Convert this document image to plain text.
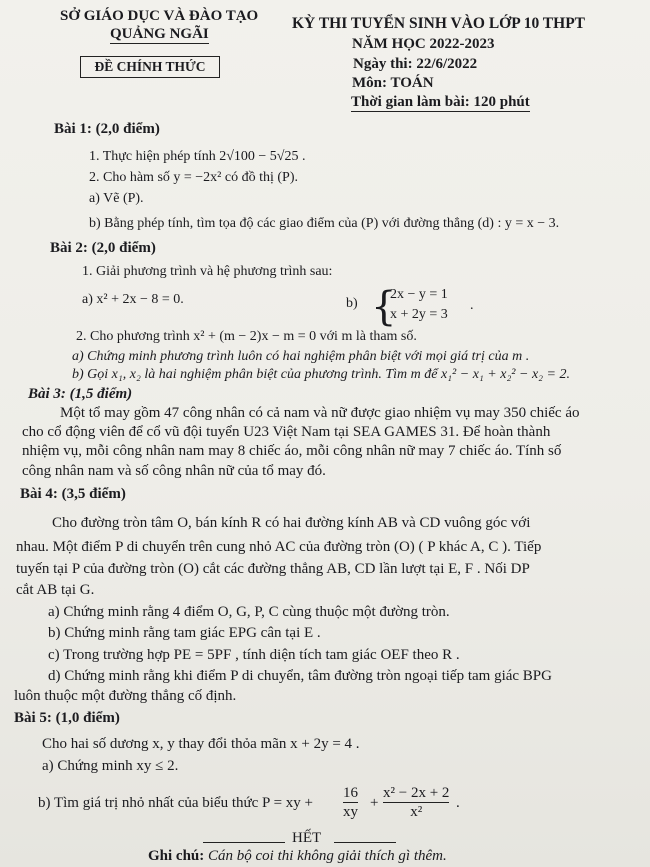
SỞ GIÁO DỤC VÀ ĐÀO TẠO
QUẢNG NGÃI
ĐỀ CHÍNH THỨC
KỲ THI TUYỂN SINH VÀO LỚP 10 THPT
NĂM HỌC 2022-2023
Ngày thi: 22/6/2022
Môn: TOÁN
Thời gian làm bài: 120 phút
Bài 1: (2,0 điểm)
1. Thực hiện phép tính 2√100 − 5√25 .
2. Cho hàm số y = −2x² có đồ thị (P).
a) Vẽ (P).
b) Bằng phép tính, tìm tọa độ các giao điểm của (P) với đường thẳng (d) : y = x − 3.
Bài 2: (2,0 điểm)
1. Giải phương trình và hệ phương trình sau:
a) x² + 2x − 8 = 0.	b) {
2x − y = 1
x + 2y = 3
.
2. Cho phương trình x² + (m − 2)x − m = 0 với m là tham số.
a) Chứng minh phương trình luôn có hai nghiệm phân biệt với mọi giá trị của m .
b) Gọi x₁, x₂ là hai nghiệm phân biệt của phương trình. Tìm m để x₁² − x₁ + x₂² − x₂ = 2.
Bài 3: (1,5 điểm)
Một tổ may gồm 47 công nhân có cả nam và nữ được giao nhiệm vụ may 350 chiếc áo
cho cổ động viên để cổ vũ đội tuyển U23 Việt Nam tại SEA GAMES 31. Để hoàn thành
nhiệm vụ, mỗi công nhân nam may 8 chiếc áo, mỗi công nhân nữ may 7 chiếc áo. Tính số
công nhân nam và số công nhân nữ của tổ may đó.
Bài 4: (3,5 điểm)
Cho đường tròn tâm O, bán kính R có hai đường kính AB và CD vuông góc với
nhau. Một điểm P di chuyển trên cung nhỏ AC của đường tròn (O) ( P khác A, C ). Tiếp
tuyến tại P của đường tròn (O) cắt các đường thẳng AB, CD lần lượt tại E, F . Nối DP
cắt AB tại G.
a) Chứng minh rằng 4 điểm O, G, P, C cùng thuộc một đường tròn.
b) Chứng minh rằng tam giác EPG cân tại E .
c) Trong trường hợp PE = 5PF , tính diện tích tam giác OEF theo R .
d) Chứng minh rằng khi điểm P di chuyển, tâm đường tròn ngoại tiếp tam giác BPG
luôn thuộc một đường thẳng cố định.
Bài 5: (1,0 điểm)
Cho hai số dương x, y thay đổi thỏa mãn x + 2y = 4 .
a) Chứng minh xy ≤ 2.
b) Tìm giá trị nhỏ nhất của biểu thức P = xy + $\frac{16}{xy} + \frac{\text{x² − 2x + 2}}{\text{x²}}$ .
HẾT
Ghi chú: Cán bộ coi thi không giải thích gì thêm.
